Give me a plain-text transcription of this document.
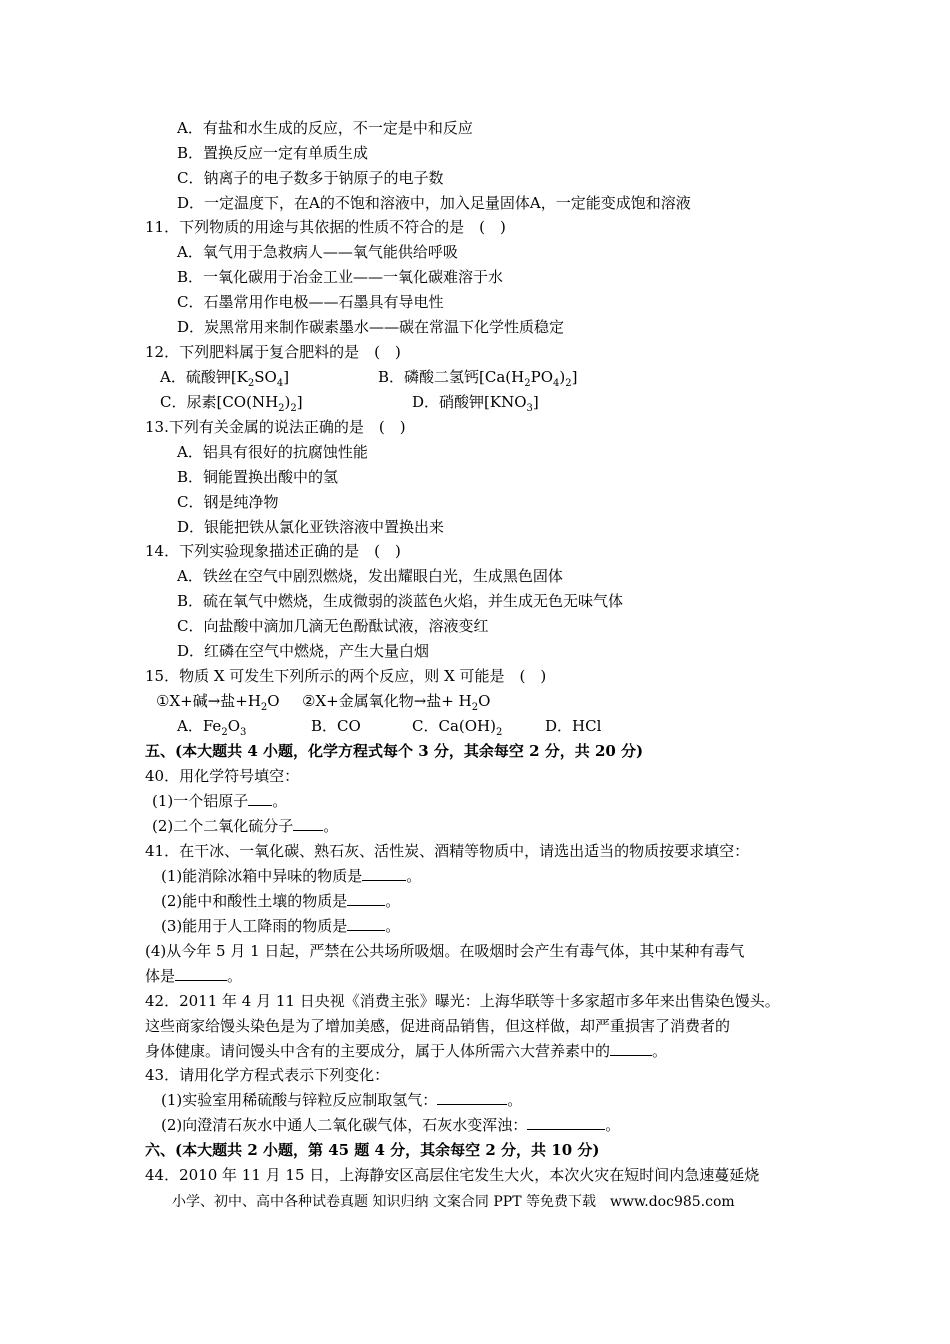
A．有盐和水生成的反应，不一定是中和反应
B．置换反应一定有单质生成
C．钠离子的电子数多于钠原子的电子数
D．一定温度下，在A的不饱和溶液中，加入足量固体A，一定能变成饱和溶液
11．下列物质的用途与其依据的性质不符合的是　(　)
A．氧气用于急救病人——氧气能供给呼吸
B．一氧化碳用于冶金工业——一氧化碳难溶于水
C．石墨常用作电极——石墨具有导电性
D．炭黑常用来制作碳素墨水——碳在常温下化学性质稳定
12．下列肥料属于复合肥料的是　(　)
A．硫酸钾$[K_2SO_4]$	B．磷酸二氢钙$[Ca(H_2PO_4)_2]$
C．尿素$[CO(NH_2)_2]$	D．硝酸钾$[KNO_3]$
13.下列有关金属的说法正确的是　(　)
A．铝具有很好的抗腐蚀性能
B．铜能置换出酸中的氢
C．钢是纯净物
D．银能把铁从氯化亚铁溶液中置换出来
14．下列实验现象描述正确的是　(　)
A．铁丝在空气中剧烈燃烧，发出耀眼白光，生成黑色固体
B．硫在氧气中燃烧，生成微弱的淡蓝色火焰，并生成无色无味气体
C．向盐酸中滴加几滴无色酚酞试液，溶液变红
D．红磷在空气中燃烧，产生大量白烟
15．物质 X 可发生下列所示的两个反应，则 X 可能是　(　)
①X+碱→盐$+H_2O$ ②X+金属氧化物→盐+ $H_2O$
A．$Fe_2O_3$	B．CO	C．$Ca(OH)_2$	D．HCl
五、(本大题共 4 小题，化学方程式每个 3 分，其余每空 2 分，共 20 分)
40．用化学符号填空：
(1)一个铝原子 。
(2)二个二氧化硫分子 。
41．在干冰、一氧化碳、熟石灰、活性炭、酒精等物质中，请选出适当的物质按要求填空：
(1)能消除冰箱中异味的物质是	。
(2)能中和酸性土壤的物质是	。
(3)能用于人工降雨的物质是	。
(4)从今年 5 月 1 日起，严禁在公共场所吸烟。在吸烟时会产生有毒气体，其中某种有毒气
体是	。
42．2011 年 4 月 11 日央视《消费主张》曝光：上海华联等十多家超市多年来出售染色馒头。
这些商家给馒头染色是为了增加美感，促进商品销售，但这样做，却严重损害了消费者的
身体健康。请问馒头中含有的主要成分，属于人体所需六大营养素中的	。
43．请用化学方程式表示下列变化：
(1)实验室用稀硫酸与锌粒反应制取氢气：	。
(2)向澄清石灰水中通人二氧化碳气体，石灰水变浑浊：	。
六、(本大题共 2 小题，第 45 题 4 分，其余每空 2 分，共 10 分)
44．2010 年 11 月 15 日，上海静安区高层住宅发生大火，本次火灾在短时间内急速蔓延烧
小学、初中、高中各种试卷真题 知识归纳 文案合同 PPT 等免费下载　www.doc985.com
